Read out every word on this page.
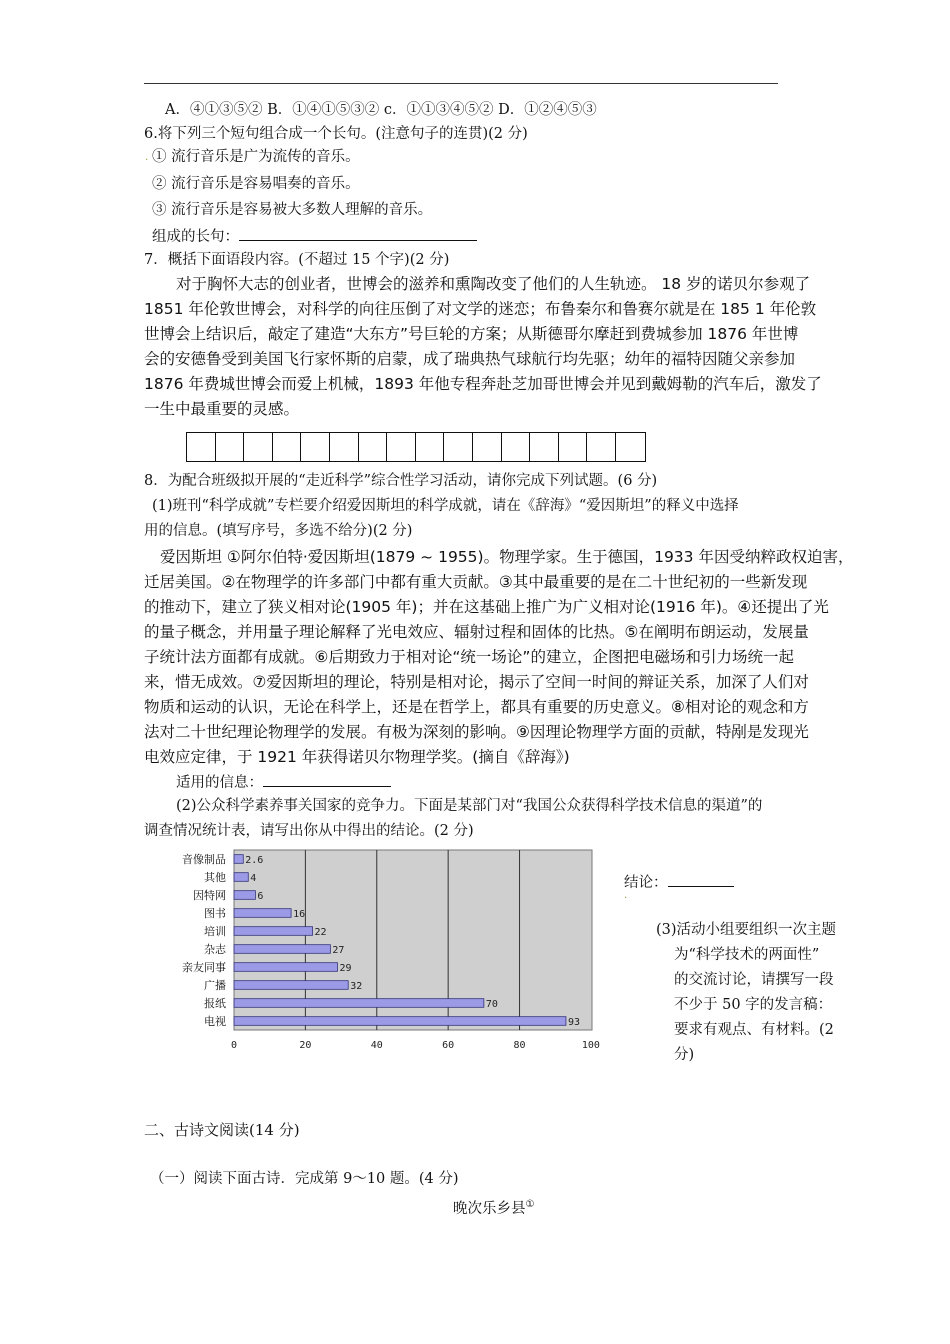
A．④①③⑤② B．①④①⑤③② c．①①③④⑤② D．①②④⑤③
6.将下列三个短句组合成一个长句。(注意句子的连贯)(2 分)
. ① 流行音乐是广为流传的音乐。
② 流行音乐是容易唱奏的音乐。
③ 流行音乐是容易被大多数人理解的音乐。
组成的长句：
7．概括下面语段内容。(不超过 15 个字)(2 分)
对于胸怀大志的创业者，世博会的滋养和熏陶改变了他们的人生轨迹。 18 岁的诺贝尔参观了
1851 年伦敦世博会，对科学的向往压倒了对文学的迷恋；布鲁秦尔和鲁赛尔就是在 185 1 年伦敦
世博会上结识后，敲定了建造“大东方”号巨轮的方案；从斯德哥尔摩赶到费城参加 1876 年世博
会的安德鲁受到美国飞行家怀斯的启蒙，成了瑞典热气球航行均先驱；幼年的福特因随父亲参加
1876 年费城世博会而爱上机械，1893 年他专程奔赴芝加哥世博会并见到戴姆勒的汽车后，激发了
一生中最重要的灵感。
8．为配合班级拟开展的“走近科学”综合性学习活动，请你完成下列试题。(6 分)
(1)班刊“科学成就”专栏要介绍爱因斯坦的科学成就，请在《辞海》“爱因斯坦”的释义中选择
用的信息。(填写序号，多选不给分)(2 分)
爱因斯坦 ①阿尔伯特·爱因斯坦(1879 ~ 1955)。物理学家。生于德国，1933 年因受纳粹政权迫害，
迁居美国。②在物理学的许多部门中都有重大贡献。③其中最重要的是在二十世纪初的一些新发现
的推动下，建立了狭义相对论(1905 年)；并在这基础上推广为广义相对论(1916 年)。④还提出了光
的量子概念，并用量子理论解释了光电效应、辐射过程和固体的比热。⑤在阐明布朗运动，发展量
子统计法方面都有成就。⑥后期致力于相对论“统一场论”的建立，企图把电磁场和引力场统一起
来，惜无成效。⑦爱因斯坦的理论，特别是相对论，揭示了空间一时间的辩证关系，加深了人们对
物质和运动的认识，无论在科学上，还是在哲学上，都具有重要的历史意义。⑧相对论的观念和方
法对二十世纪理论物理学的发展。有极为深刻的影响。⑨因理论物理学方面的贡献，特剐是发现光
电效应定律，于 1921 年获得诺贝尔物理学奖。(摘自《辞海》)
适用的信息：
(2)公众科学素养事关国家的竞争力。下面是某部门对“我国公众获得科学技术信息的渠道”的
调查情况统计表，请写出你从中得出的结论。(2 分)
0	20	40	60	80	100
音像制品 2.6
其他 4
因特网	6
图书	16
培训	22
杂志	27
亲友同事	29
广播	32
报纸	70
电视	93
结论：
.
(3)活动小组要组织一次主题
为“科学技术的两面性”
的交流讨论，请撰写一段
不少于 50 字的发言稿：
要求有观点、有材料。(2
分)
二、古诗文阅读(14 分)
（一）阅读下面古诗．完成第 9～10 题。(4 分)
晚次乐乡县①
